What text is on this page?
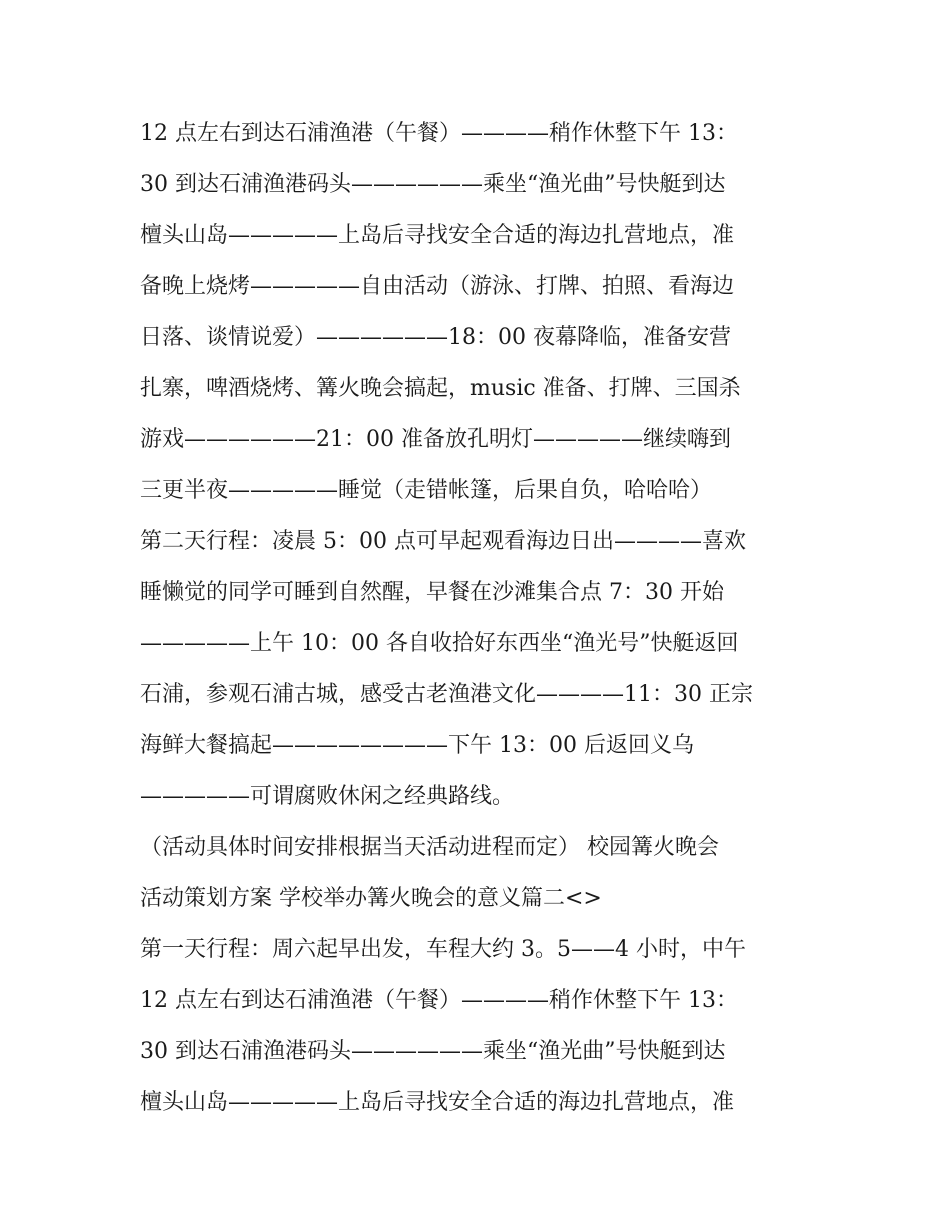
12 点左右到达石浦渔港（午餐）————稍作休整下午 13：
30 到达石浦渔港码头——————乘坐“渔光曲”号快艇到达
檀头山岛—————上岛后寻找安全合适的海边扎营地点，准
备晚上烧烤—————自由活动（游泳、打牌、拍照、看海边
日落、谈情说爱）——————18：00 夜幕降临，准备安营
扎寨，啤酒烧烤、篝火晚会搞起，music 准备、打牌、三国杀
游戏——————21：00 准备放孔明灯—————继续嗨到
三更半夜—————睡觉（走错帐篷，后果自负，哈哈哈）
第二天行程：凌晨 5：00 点可早起观看海边日出————喜欢
睡懒觉的同学可睡到自然醒，早餐在沙滩集合点 7：30 开始
—————上午 10：00 各自收拾好东西坐“渔光号”快艇返回
石浦，参观石浦古城，感受古老渔港文化————11：30 正宗
海鲜大餐搞起————————下午 13：00 后返回义乌
—————可谓腐败休闲之经典路线。
（活动具体时间安排根据当天活动进程而定） 校园篝火晚会
活动策划方案 学校举办篝火晚会的意义篇二<>
第一天行程：周六起早出发，车程大约 3。5——4 小时，中午
12 点左右到达石浦渔港（午餐）————稍作休整下午 13：
30 到达石浦渔港码头——————乘坐“渔光曲”号快艇到达
檀头山岛—————上岛后寻找安全合适的海边扎营地点，准
